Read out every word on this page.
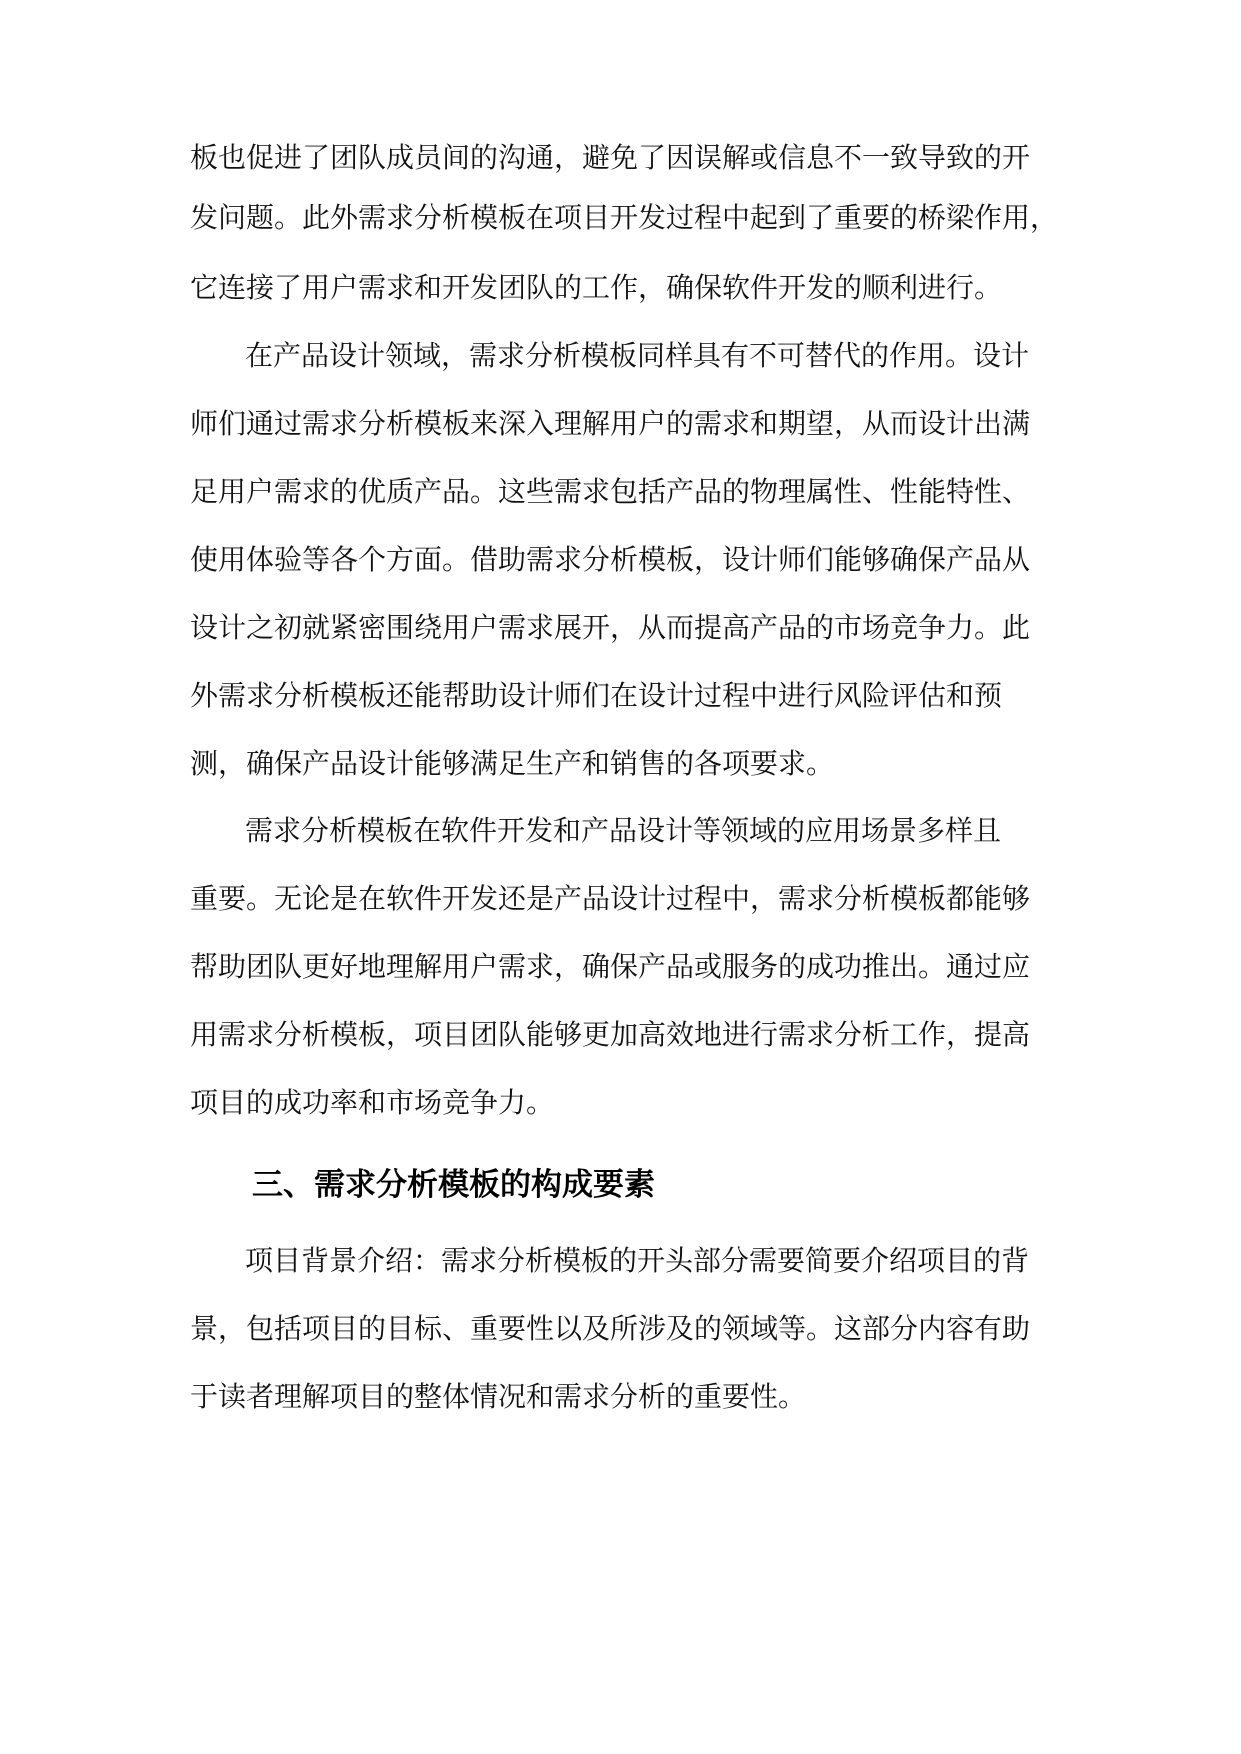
板也促进了团队成员间的沟通，避免了因误解或信息不一致导致的开
发问题。此外需求分析模板在项目开发过程中起到了重要的桥梁作用，
它连接了用户需求和开发团队的工作，确保软件开发的顺利进行。
在产品设计领域，需求分析模板同样具有不可替代的作用。设计
师们通过需求分析模板来深入理解用户的需求和期望，从而设计出满
足用户需求的优质产品。这些需求包括产品的物理属性、性能特性、
使用体验等各个方面。借助需求分析模板，设计师们能够确保产品从
设计之初就紧密围绕用户需求展开，从而提高产品的市场竞争力。此
外需求分析模板还能帮助设计师们在设计过程中进行风险评估和预
测，确保产品设计能够满足生产和销售的各项要求。
需求分析模板在软件开发和产品设计等领域的应用场景多样且
重要。无论是在软件开发还是产品设计过程中，需求分析模板都能够
帮助团队更好地理解用户需求，确保产品或服务的成功推出。通过应
用需求分析模板，项目团队能够更加高效地进行需求分析工作，提高
项目的成功率和市场竞争力。
三、需求分析模板的构成要素
项目背景介绍：需求分析模板的开头部分需要简要介绍项目的背
景，包括项目的目标、重要性以及所涉及的领域等。这部分内容有助
于读者理解项目的整体情况和需求分析的重要性。
